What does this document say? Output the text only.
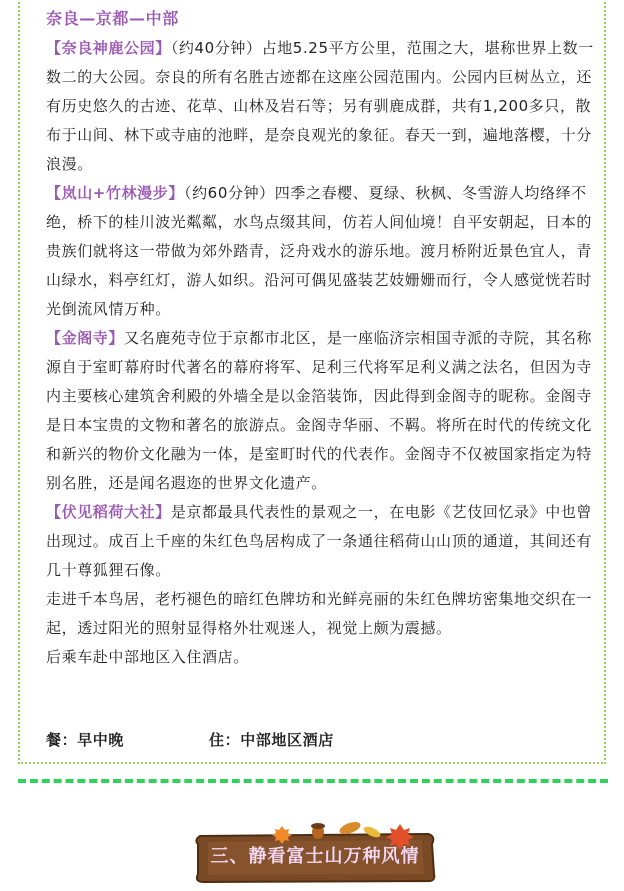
奈良—京都—中部

【奈良神鹿公园】（约40分钟）占地5.25平方公里，范围之大，堪称世界上数一数二的大公园。奈良的所有名胜古迹都在这座公园范围内。公园内巨树丛立，还有历史悠久的古迹、花草、山林及岩石等；另有驯鹿成群，共有1,200多只，散布于山间、林下或寺庙的池畔，是奈良观光的象征。春天一到，遍地落樱，十分浪漫。

【岚山+竹林漫步】（约60分钟）四季之春樱、夏绿、秋枫、冬雪游人均络绎不绝，桥下的桂川波光粼粼，水鸟点缀其间，仿若人间仙境！自平安朝起，日本的贵族们就将这一带做为郊外踏青，泛舟戏水的游乐地。渡月桥附近景色宜人，青山绿水，料亭红灯，游人如织。沿河可偶见盛装艺妓姗姗而行，令人感觉恍若时光倒流风情万种。

【金阁寺】又名鹿苑寺位于京都市北区，是一座临济宗相国寺派的寺院，其名称源自于室町幕府时代著名的幕府将军、足利三代将军足利义满之法名，但因为寺内主要核心建筑舍利殿的外墙全是以金箔装饰，因此得到金阁寺的昵称。金阁寺是日本宝贵的文物和著名的旅游点。金阁寺华丽、不羁。将所在时代的传统文化和新兴的物价文化融为一体，是室町时代的代表作。金阁寺不仅被国家指定为特别名胜，还是闻名遐迩的世界文化遗产。

【伏见稻荷大社】是京都最具代表性的景观之一，在电影《艺伎回忆录》中也曾出现过。成百上千座的朱红色鸟居构成了一条通往稻荷山山顶的通道，其间还有几十尊狐狸石像。

走进千本鸟居，老朽褪色的暗红色牌坊和光鲜亮丽的朱红色牌坊密集地交织在一起，透过阳光的照射显得格外壮观迷人，视觉上颇为震撼。

后乘车赴中部地区入住酒店。

餐：早中晚	住：中部地区酒店
三、静看富士山万种风情
